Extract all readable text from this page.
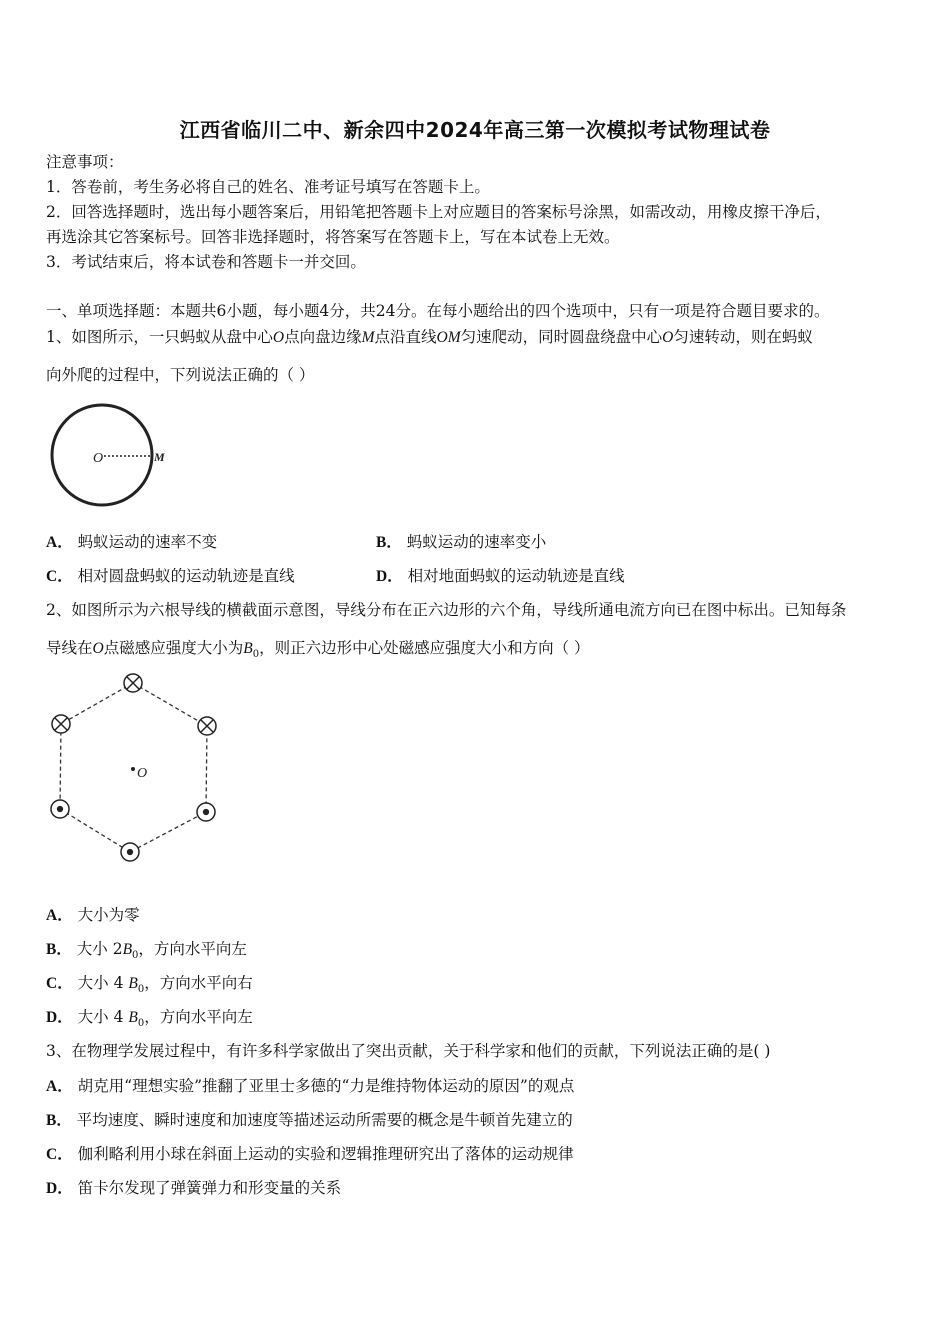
江西省临川二中、新余四中2024年高三第一次模拟考试物理试卷
注意事项：
1．答卷前，考生务必将自己的姓名、准考证号填写在答题卡上。
2．回答选择题时，选出每小题答案后，用铅笔把答题卡上对应题目的答案标号涂黑，如需改动，用橡皮擦干净后，
再选涂其它答案标号。回答非选择题时，将答案写在答题卡上，写在本试卷上无效。
3．考试结束后，将本试卷和答题卡一并交回。
一、单项选择题：本题共6小题，每小题4分，共24分。在每小题给出的四个选项中，只有一项是符合题目要求的。
1、如图所示，一只蚂蚁从盘中心O点向盘边缘M点沿直线OM匀速爬动，同时圆盘绕盘中心O匀速转动，则在蚂蚁
向外爬的过程中，下列说法正确的（ ）
O	M
A． 蚂蚁运动的速率不变	B． 蚂蚁运动的速率变小
C． 相对圆盘蚂蚁的运动轨迹是直线	D． 相对地面蚂蚁的运动轨迹是直线
2、如图所示为六根导线的横截面示意图，导线分布在正六边形的六个角，导线所通电流方向已在图中标出。已知每条
导线在O点磁感应强度大小为$B_0$，则正六边形中心处磁感应强度大小和方向（ ）
O
A． 大小为零
B． 大小 $2B_0$，方向水平向左
C． 大小 4 $B_0$，方向水平向右
D． 大小 4 $B_0$，方向水平向左
3、在物理学发展过程中，有许多科学家做出了突出贡献，关于科学家和他们的贡献，下列说法正确的是( )
A． 胡克用“理想实验”推翻了亚里士多德的“力是维持物体运动的原因”的观点
B． 平均速度、瞬时速度和加速度等描述运动所需要的概念是牛顿首先建立的
C． 伽利略利用小球在斜面上运动的实验和逻辑推理研究出了落体的运动规律
D． 笛卡尔发现了弹簧弹力和形变量的关系
